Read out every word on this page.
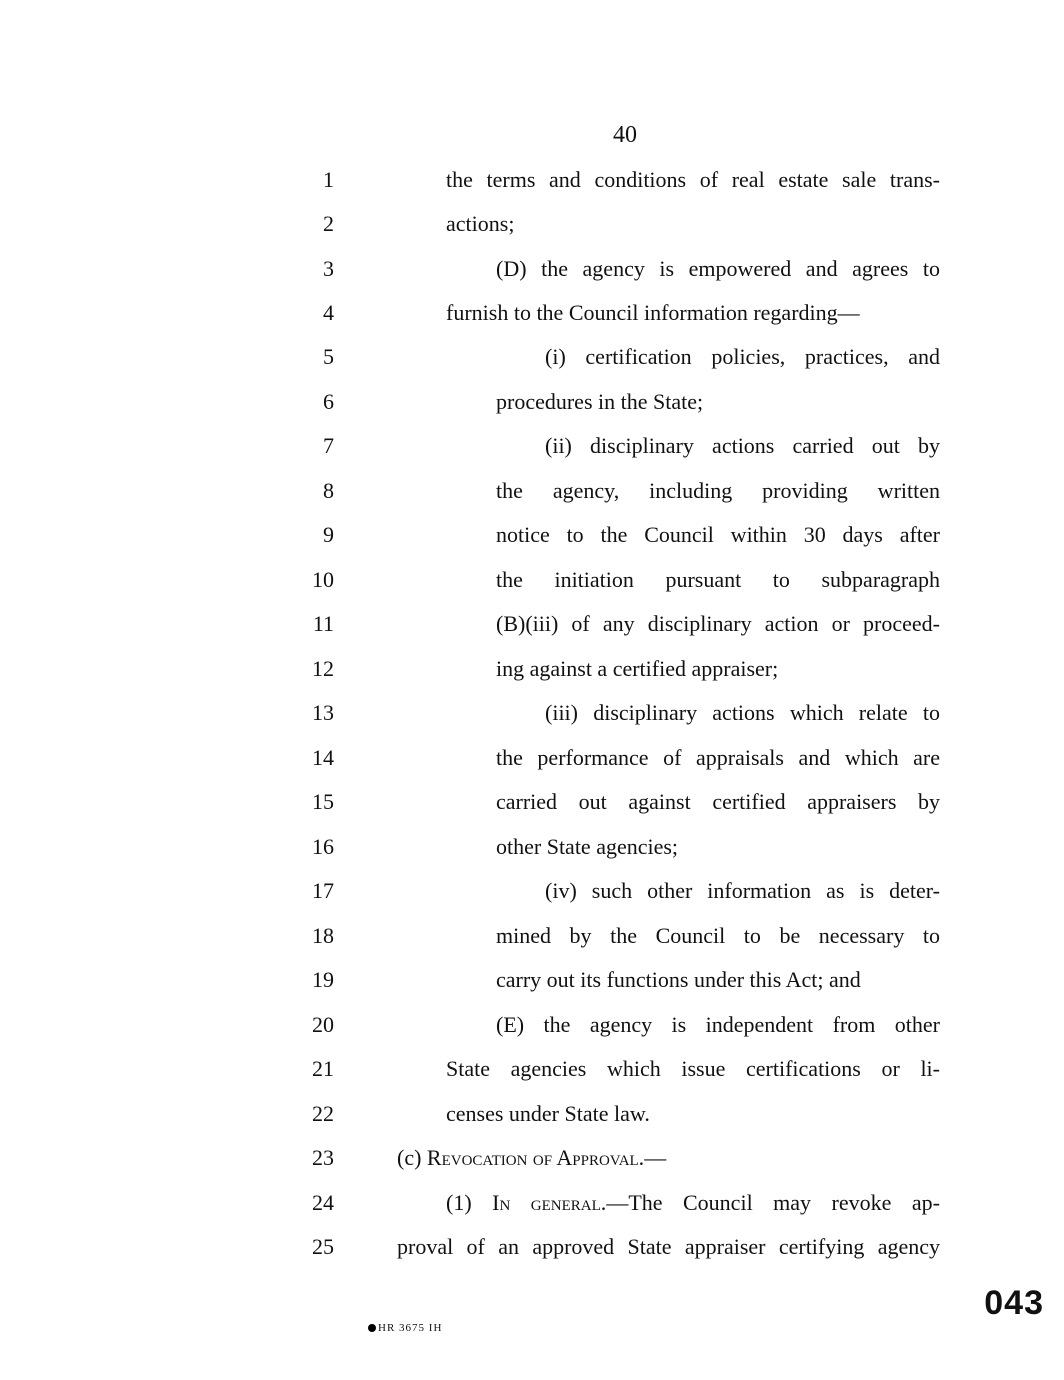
40
1	the terms and conditions of real estate sale trans-
2	actions;
3	(D) the agency is empowered and agrees to
4	furnish to the Council information regarding—
5	(i) certification policies, practices, and
6	procedures in the State;
7	(ii) disciplinary actions carried out by
8	the agency, including providing written
9	notice to the Council within 30 days after
10	the initiation pursuant to subparagraph
11	(B)(iii) of any disciplinary action or proceed-
12	ing against a certified appraiser;
13	(iii) disciplinary actions which relate to
14	the performance of appraisals and which are
15	carried out against certified appraisers by
16	other State agencies;
17	(iv) such other information as is deter-
18	mined by the Council to be necessary to
19	carry out its functions under this Act; and
20	(E) the agency is independent from other
21	State agencies which issue certifications or li-
22	censes under State law.
23	(c) Revocation of Approval.—
24	(1) In general.—The Council may revoke ap-
25	proval of an approved State appraiser certifying agency
HR 3675 IH
043
